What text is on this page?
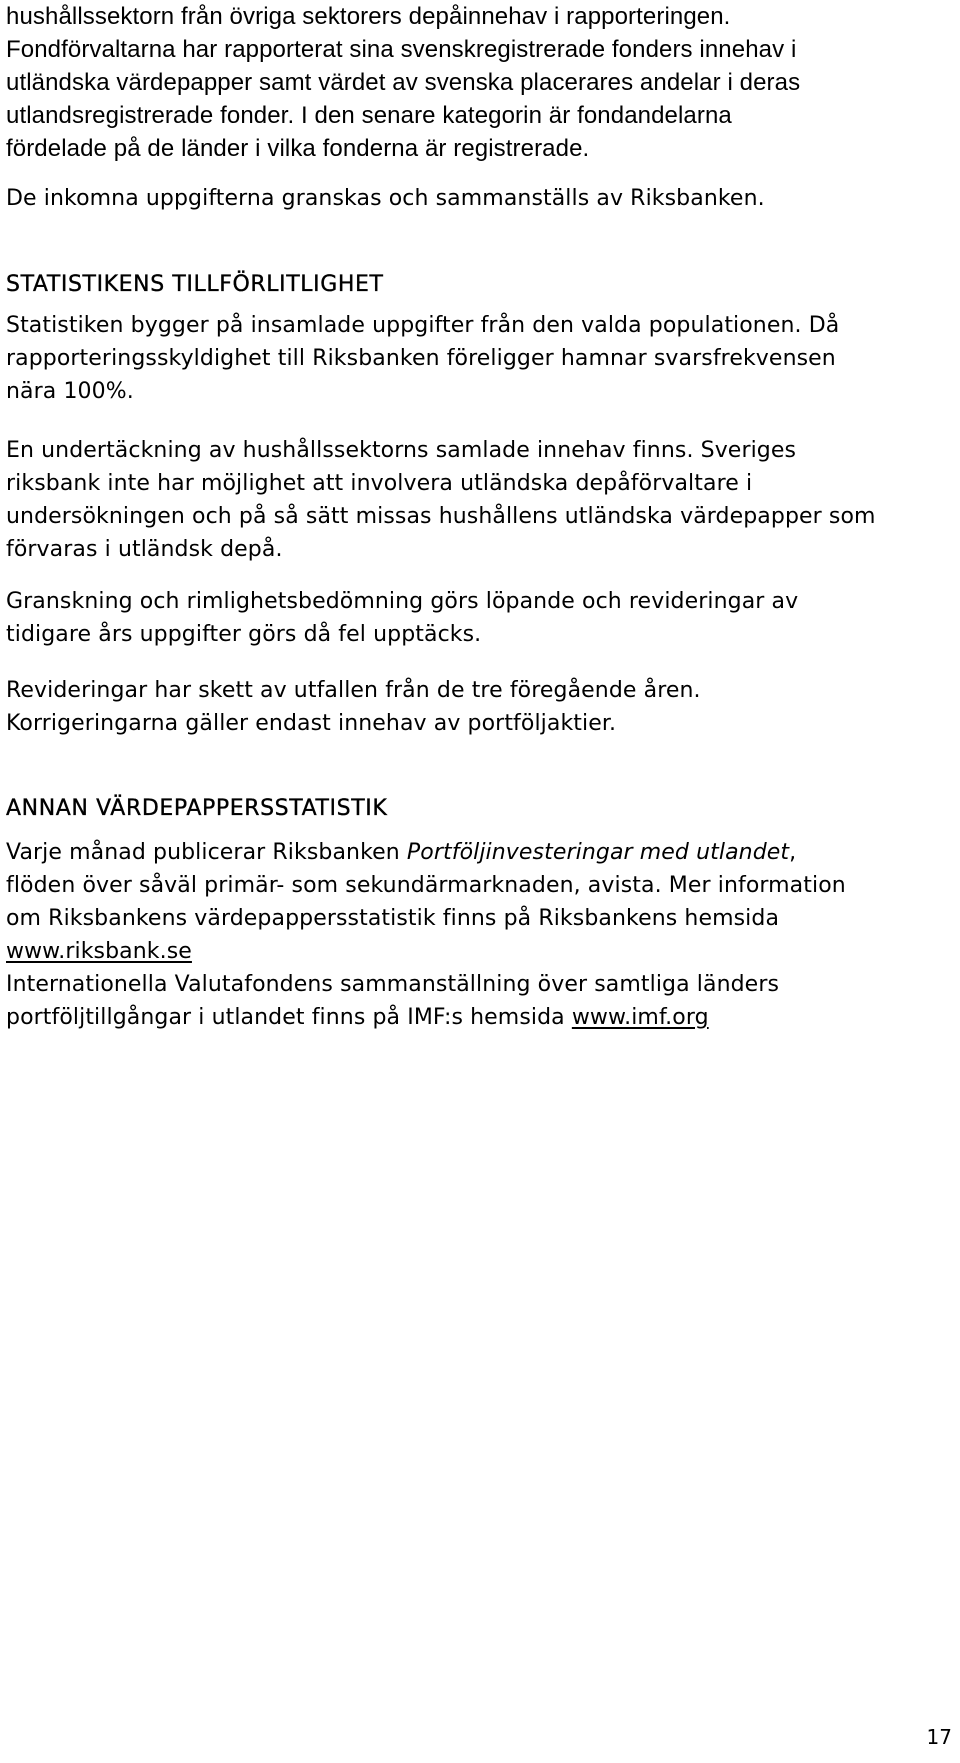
hushållssektorn från övriga sektorers depåinnehav i rapporteringen.

Fondförvaltarna har rapporterat sina svenskregistrerade fonders innehav i

utländska värdepapper samt värdet av svenska placerares andelar i deras

utlandsregistrerade fonder. I den senare kategorin är fondandelarna

fördelade på de länder i vilka fonderna är registrerade.

De inkomna uppgifterna granskas och sammanställs av Riksbanken.

STATISTIKENS TILLFÖRLITLIGHET

Statistiken bygger på insamlade uppgifter från den valda populationen. Då

rapporteringsskyldighet till Riksbanken föreligger hamnar svarsfrekvensen

nära 100%.

En undertäckning av hushållssektorns samlade innehav finns. Sveriges

riksbank inte har möjlighet att involvera utländska depåförvaltare i

undersökningen och på så sätt missas hushållens utländska värdepapper som

förvaras i utländsk depå.

Granskning och rimlighetsbedömning görs löpande och revideringar av

tidigare års uppgifter görs då fel upptäcks.

Revideringar har skett av utfallen från de tre föregående åren.

Korrigeringarna gäller endast innehav av portföljaktier.

ANNAN VÄRDEPAPPERSSTATISTIK

Varje månad publicerar Riksbanken Portföljinvesteringar med utlandet,

flöden över såväl primär- som sekundärmarknaden, avista. Mer information

om Riksbankens värdepappersstatistik finns på Riksbankens hemsida

www.riksbank.se

Internationella Valutafondens sammanställning över samtliga länders

portföljtillgångar i utlandet finns på IMF:s hemsida www.imf.org

17
